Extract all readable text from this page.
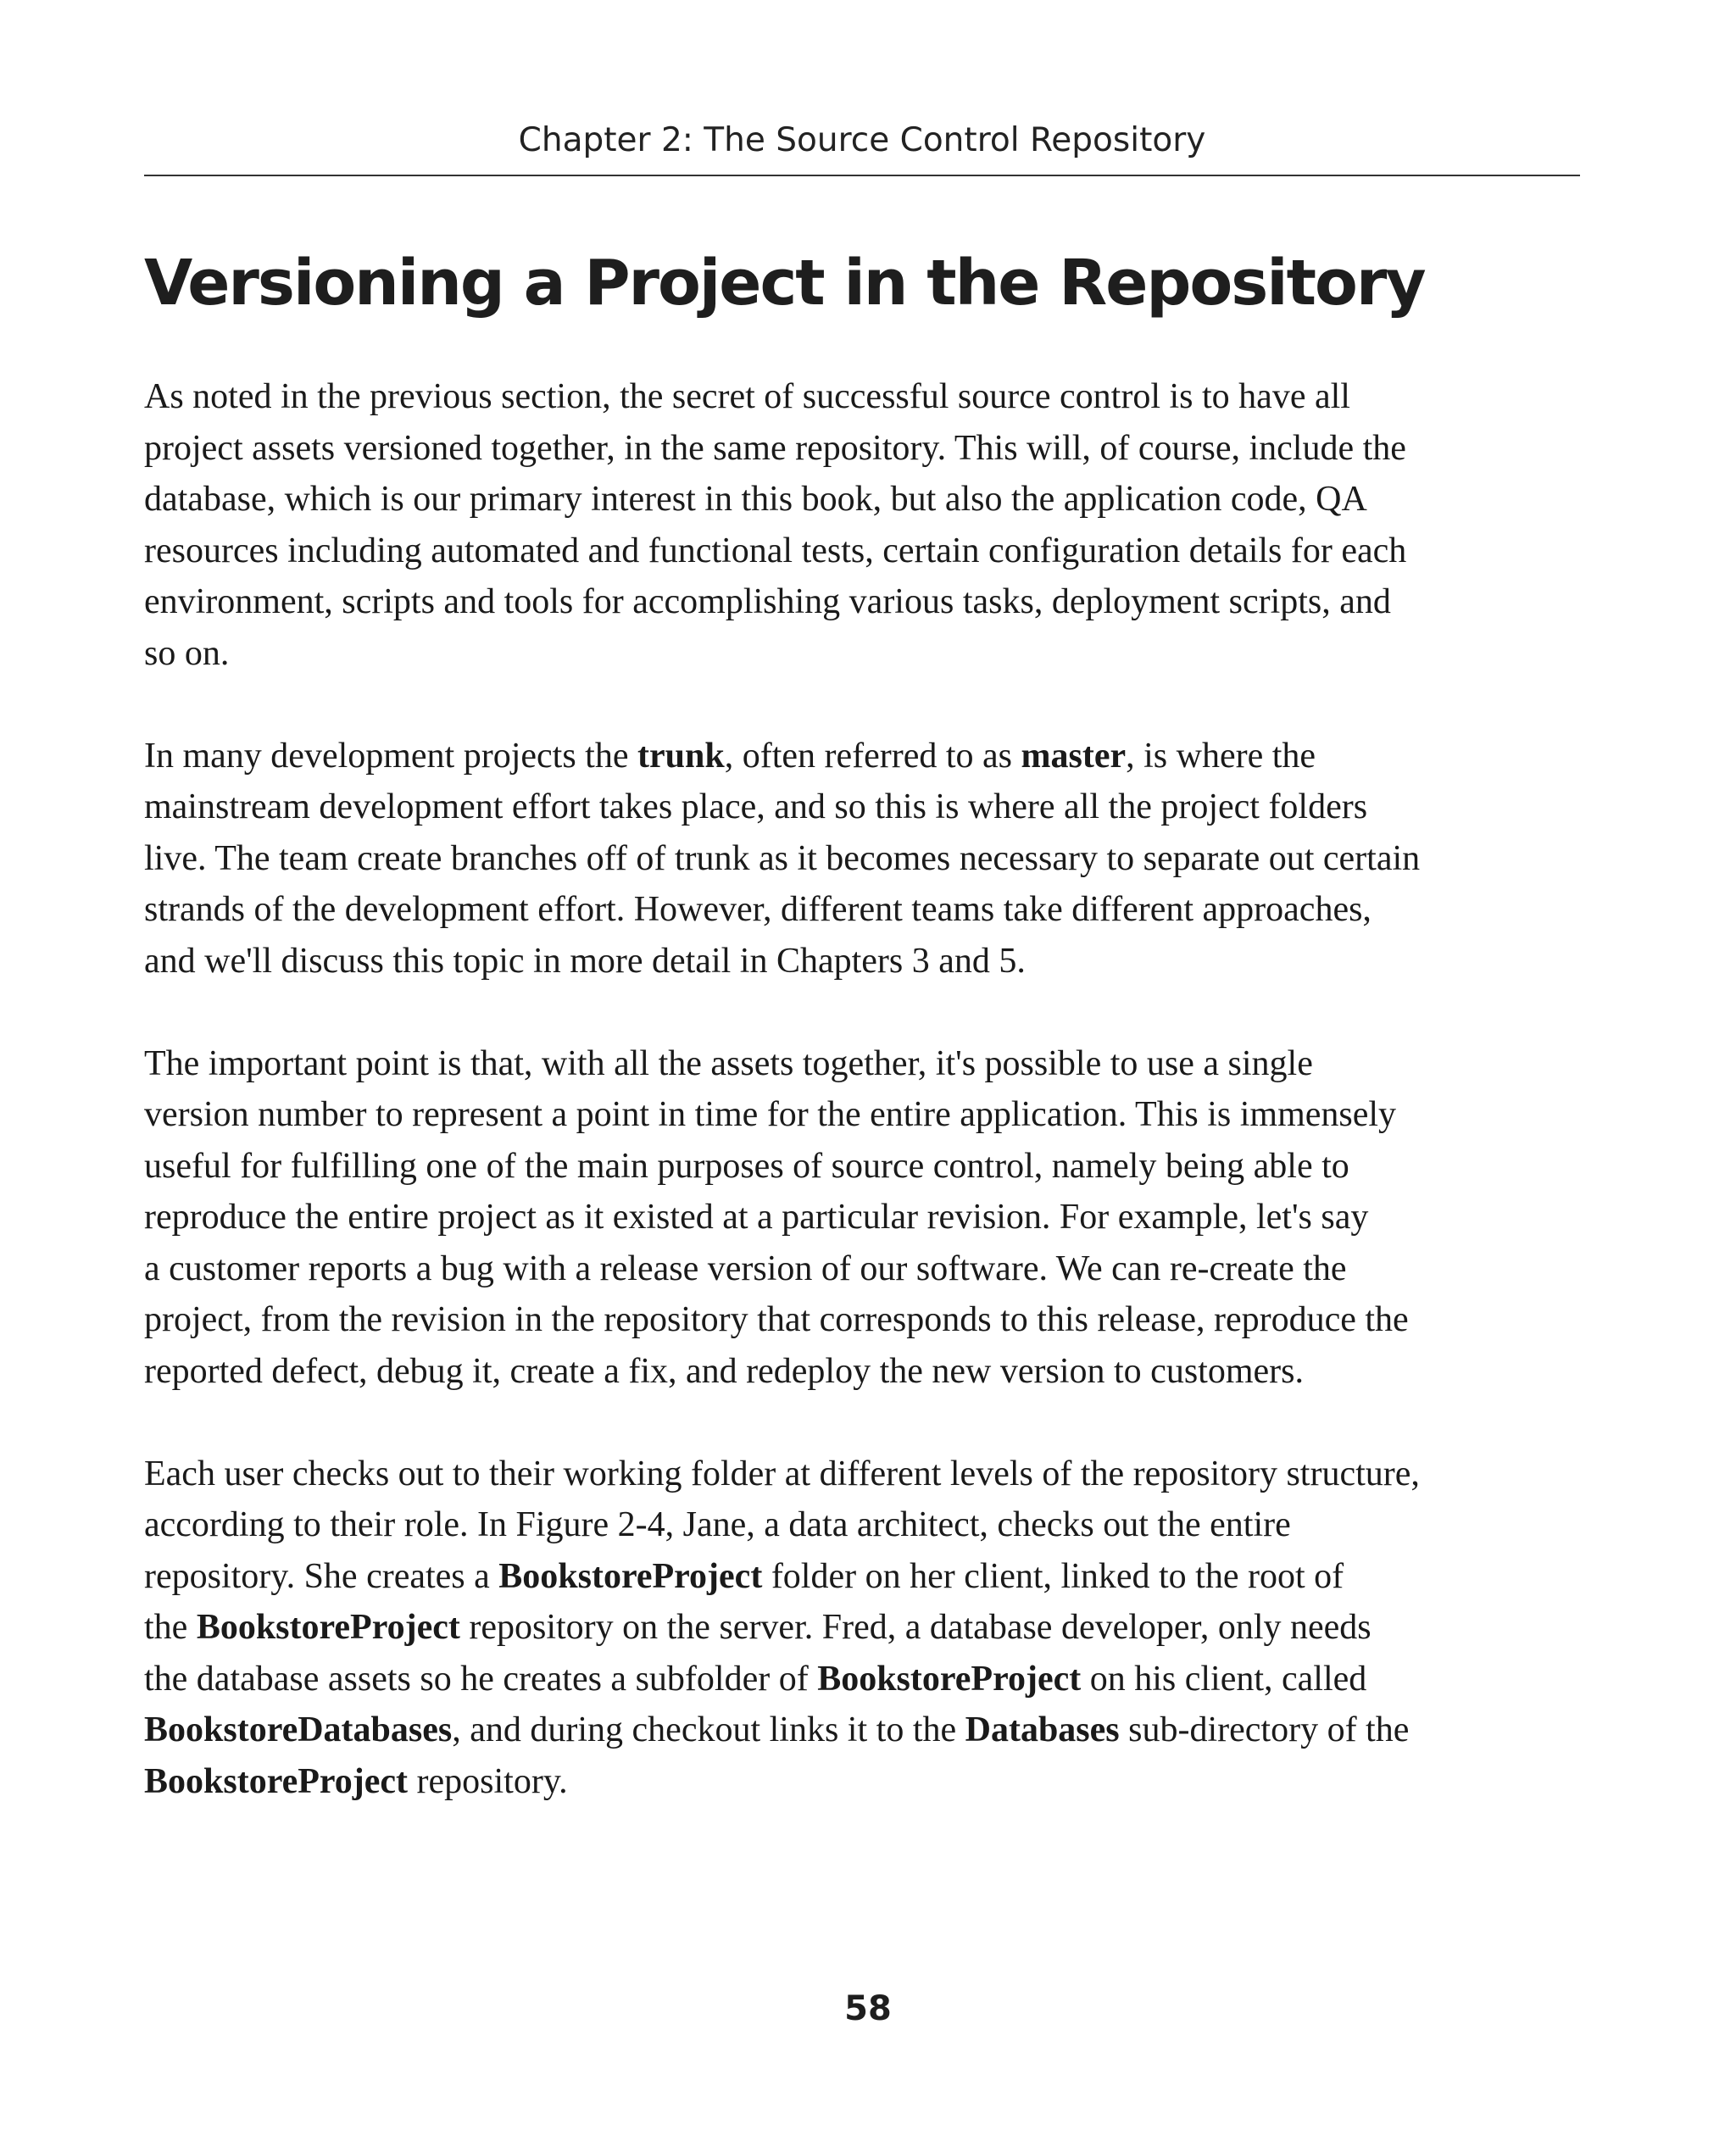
Chapter 2: The Source Control Repository
Versioning a Project in the Repository

As noted in the previous section, the secret of successful source control is to have all
project assets versioned together, in the same repository. This will, of course, include the
database, which is our primary interest in this book, but also the application code, QA
resources including automated and functional tests, certain configuration details for each
environment, scripts and tools for accomplishing various tasks, deployment scripts, and
so on.

In many development projects the trunk, often referred to as master, is where the
mainstream development effort takes place, and so this is where all the project folders
live. The team create branches off of trunk as it becomes necessary to separate out certain
strands of the development effort. However, different teams take different approaches,
and we'll discuss this topic in more detail in Chapters 3 and 5.

The important point is that, with all the assets together, it's possible to use a single
version number to represent a point in time for the entire application. This is immensely
useful for fulfilling one of the main purposes of source control, namely being able to
reproduce the entire project as it existed at a particular revision. For example, let's say
a customer reports a bug with a release version of our software. We can re-create the
project, from the revision in the repository that corresponds to this release, reproduce the
reported defect, debug it, create a fix, and redeploy the new version to customers.

Each user checks out to their working folder at different levels of the repository structure,
according to their role. In Figure 2-4, Jane, a data architect, checks out the entire
repository. She creates a BookstoreProject folder on her client, linked to the root of
the BookstoreProject repository on the server. Fred, a database developer, only needs
the database assets so he creates a subfolder of BookstoreProject on his client, called
BookstoreDatabases, and during checkout links it to the Databases sub-directory of the
BookstoreProject repository.

58
